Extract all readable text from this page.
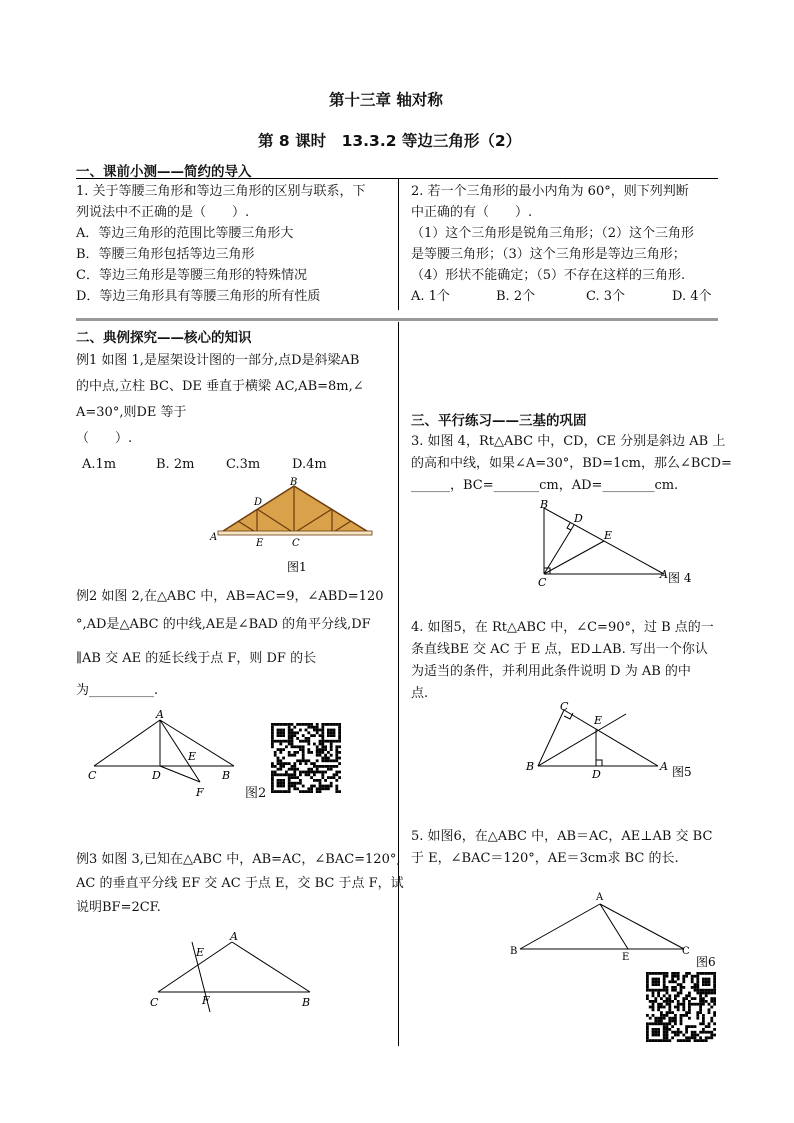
第十三章 轴对称
第 8 课时　13.3.2 等边三角形（2）
一、课前小测——简约的导入
1. 关于等腰三角形和等边三角形的区别与联系，下
列说法中不正确的是（　　）.
A．等边三角形的范围比等腰三角形大
B．等腰三角形包括等边三角形
C．等边三角形是等腰三角形的特殊情况
D．等边三角形具有等腰三角形的所有性质
2. 若一个三角形的最小内角为 60°，则下列判断
中正确的有（　　）.
（1）这个三角形是锐角三角形；（2）这个三角形
是等腰三角形；（3）这个三角形是等边三角形；
（4）形状不能确定；（5）不存在这样的三角形.
A. 1个	B. 2个	C. 3个	D. 4个
二、典例探究——核心的知识
例1 如图 1,是屋架设计图的一部分,点D是斜梁AB
的中点,立柱 BC、DE 垂直于横梁 AC,AB=8m,∠
A=30°,则DE 等于
（　　）.
A.1m	B. 2m C.3m D.4m
A
B
C
D
E
图1
例2 如图 2,在△ABC 中，AB=AC=9，∠ABD=120
°,AD是△ABC 的中线,AE是∠BAD 的角平分线,DF
∥AB 交 AE 的延长线于点 F，则 DF 的长
为__________.
A
B
C	D
E
F	图2
例3 如图 3,已知在△ABC 中，AB=AC，∠BAC=120°,
AC 的垂直平分线 EF 交 AC 于点 E，交 BC 于点 F，试
说明BF=2CF.
A
B
C
E
F
三、平行练习——三基的巩固
3. 如图 4，Rt△ABC 中，CD，CE 分别是斜边 AB 上
的高和中线，如果∠A=30°，BD=1cm，那么∠BCD=
______，BC=_______cm，AD=________cm.
A
B
C
D
E
图 4
4. 如图5，在 Rt△ABC 中，∠C=90°，过 B 点的一
条直线BE 交 AC 于 E 点，ED⊥AB. 写出一个你认
为适当的条件，并利用此条件说明 D 为 AB 的中
点.
A
B
C
D
E
图5
5. 如图6，在△ABC 中，AB＝AC，AE⊥AB 交 BC
于 E，∠BAC＝120°，AE＝3cm求 BC 的长.
A
B	C
E	图6
